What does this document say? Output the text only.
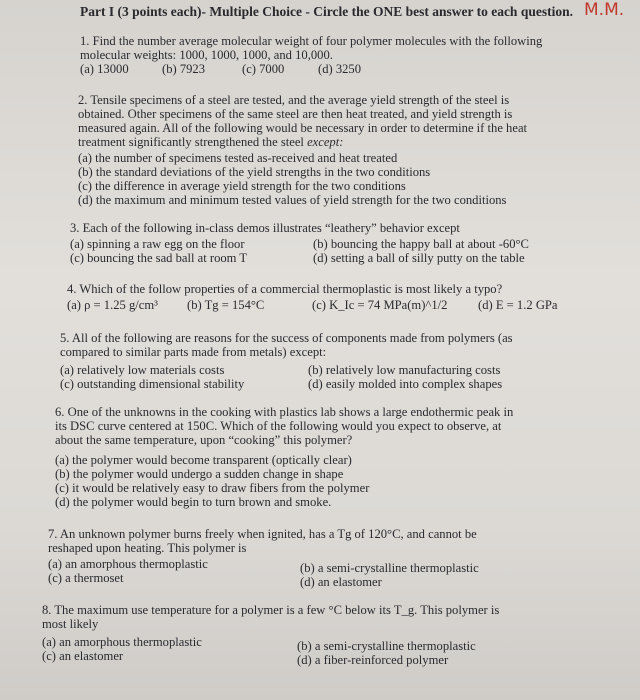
Part I (3 points each)- Multiple Choice - Circle the ONE best answer to each question. M.M.
1. Find the number average molecular weight of four polymer molecules with the following
molecular weights: 1000, 1000, 1000, and 10,000.
(a) 13000	(b) 7923	(c) 7000	(d) 3250
2. Tensile specimens of a steel are tested, and the average yield strength of the steel is
obtained. Other specimens of the same steel are then heat treated, and yield strength is
measured again. All of the following would be necessary in order to determine if the heat
treatment significantly strengthened the steel except:
(a) the number of specimens tested as-received and heat treated
(b) the standard deviations of the yield strengths in the two conditions
(c) the difference in average yield strength for the two conditions
(d) the maximum and minimum tested values of yield strength for the two conditions
3. Each of the following in-class demos illustrates “leathery” behavior except
(a) spinning a raw egg on the floor	(b) bouncing the happy ball at about -60°C
(c) bouncing the sad ball at room T	(d) setting a ball of silly putty on the table
4. Which of the follow properties of a commercial thermoplastic is most likely a typo?
(a) ρ = 1.25 g/cm³ (b) Tg = 154°C	(c) K_Ic = 74 MPa(m)^1/2 (d) E = 1.2 GPa
5. All of the following are reasons for the success of components made from polymers (as
compared to similar parts made from metals) except:
(a) relatively low materials costs	(b) relatively low manufacturing costs
(c) outstanding dimensional stability	(d) easily molded into complex shapes
6. One of the unknowns in the cooking with plastics lab shows a large endothermic peak in
its DSC curve centered at 150C. Which of the following would you expect to observe, at
about the same temperature, upon “cooking” this polymer?
(a) the polymer would become transparent (optically clear)
(b) the polymer would undergo a sudden change in shape
(c) it would be relatively easy to draw fibers from the polymer
(d) the polymer would begin to turn brown and smoke.
7. An unknown polymer burns freely when ignited, has a Tg of 120°C, and cannot be
reshaped upon heating. This polymer is
(a) an amorphous thermoplastic	(b) a semi-crystalline thermoplastic
(c) a thermoset	(d) an elastomer
8. The maximum use temperature for a polymer is a few °C below its T_g. This polymer is
most likely
(a) an amorphous thermoplastic	(b) a semi-crystalline thermoplastic
(c) an elastomer	(d) a fiber-reinforced polymer
